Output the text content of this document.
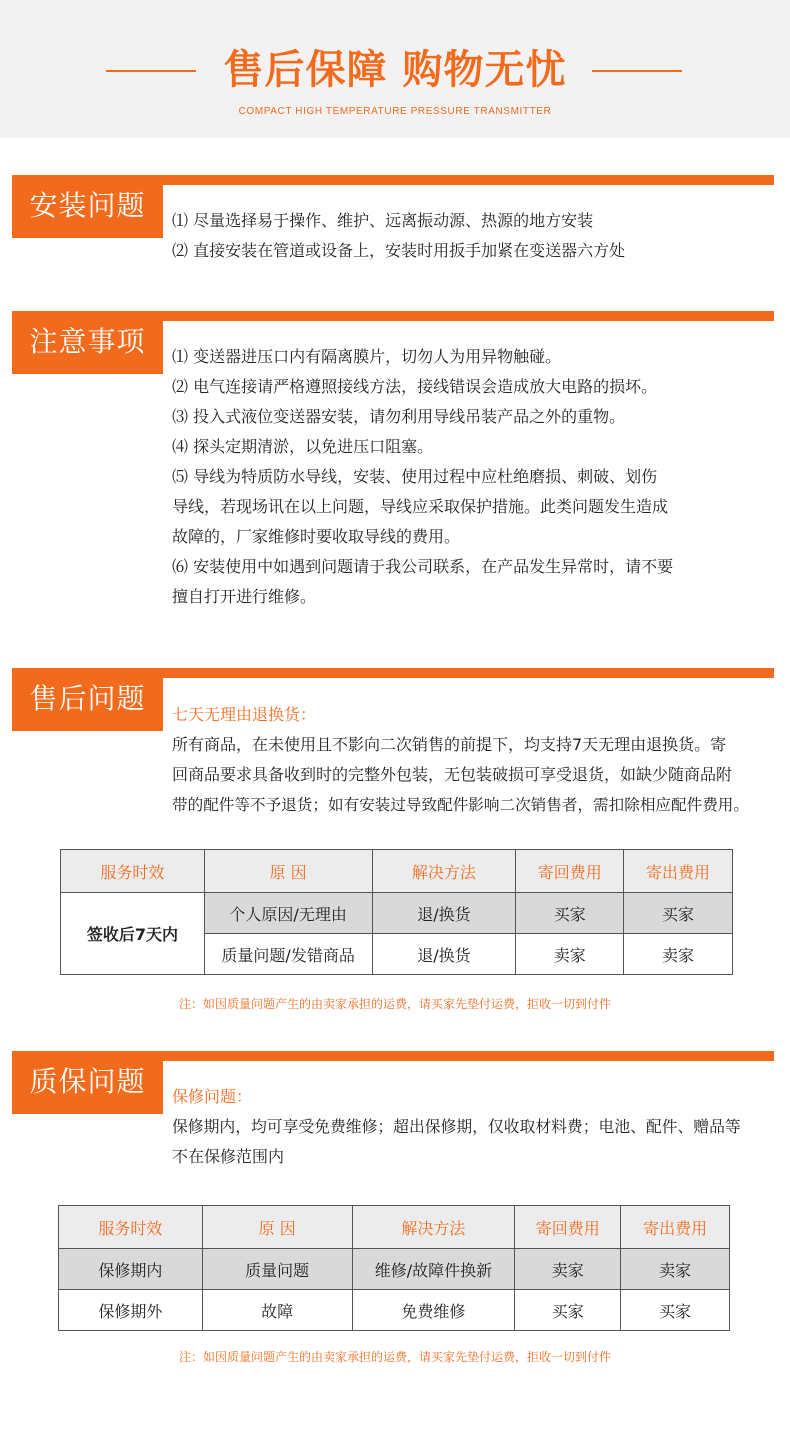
售后保障 购物无忧
COMPACT HIGH TEMPERATURE PRESSURE TRANSMITTER
安装问题	⑴ 尽量选择易于操作、维护、远离振动源、热源的地方安装
⑵ 直接安装在管道或设备上，安装时用扳手加紧在变送器六方处
注意事项	⑴ 变送器进压口内有隔离膜片，切勿人为用异物触碰。
⑵ 电气连接请严格遵照接线方法，接线错误会造成放大电路的损坏。
⑶ 投入式液位变送器安装，请勿利用导线吊装产品之外的重物。
⑷ 探头定期清淤，以免进压口阻塞。
⑸ 导线为特质防水导线，安装、使用过程中应杜绝磨损、刺破、划伤
导线，若现场讯在以上问题，导线应采取保护措施。此类问题发生造成
故障的，厂家维修时要收取导线的费用。
⑹ 安装使用中如遇到问题请于我公司联系，在产品发生异常时，请不要
擅自打开进行维修。
售后问题	七天无理由退换货：
所有商品，在未使用且不影向二次销售的前提下，均支持7天无理由退换货。寄
回商品要求具备收到时的完整外包装，无包装破损可享受退货，如缺少随商品附
带的配件等不予退货；如有安装过导致配件影响二次销售者，需扣除相应配件费用。
服务时效	原 因	解决方法	寄回费用	寄出费用
签收后7天内	个人原因/无理由	退/换货	买家	买家
	质量问题/发错商品	退/换货	卖家	卖家
注：如因质量问题产生的由卖家承担的运费，请买家先垫付运费，拒收一切到付件
质保问题	保修问题：
保修期内，均可享受免费维修；超出保修期，仅收取材料费；电池、配件、赠品等
不在保修范围内
服务时效	原 因	解决方法	寄回费用	寄出费用
保修期内	质量问题	维修/故障件换新	卖家	卖家
保修期外	故障	免费维修	买家	买家
注：如因质量问题产生的由卖家承担的运费，请买家先垫付运费，拒收一切到付件
